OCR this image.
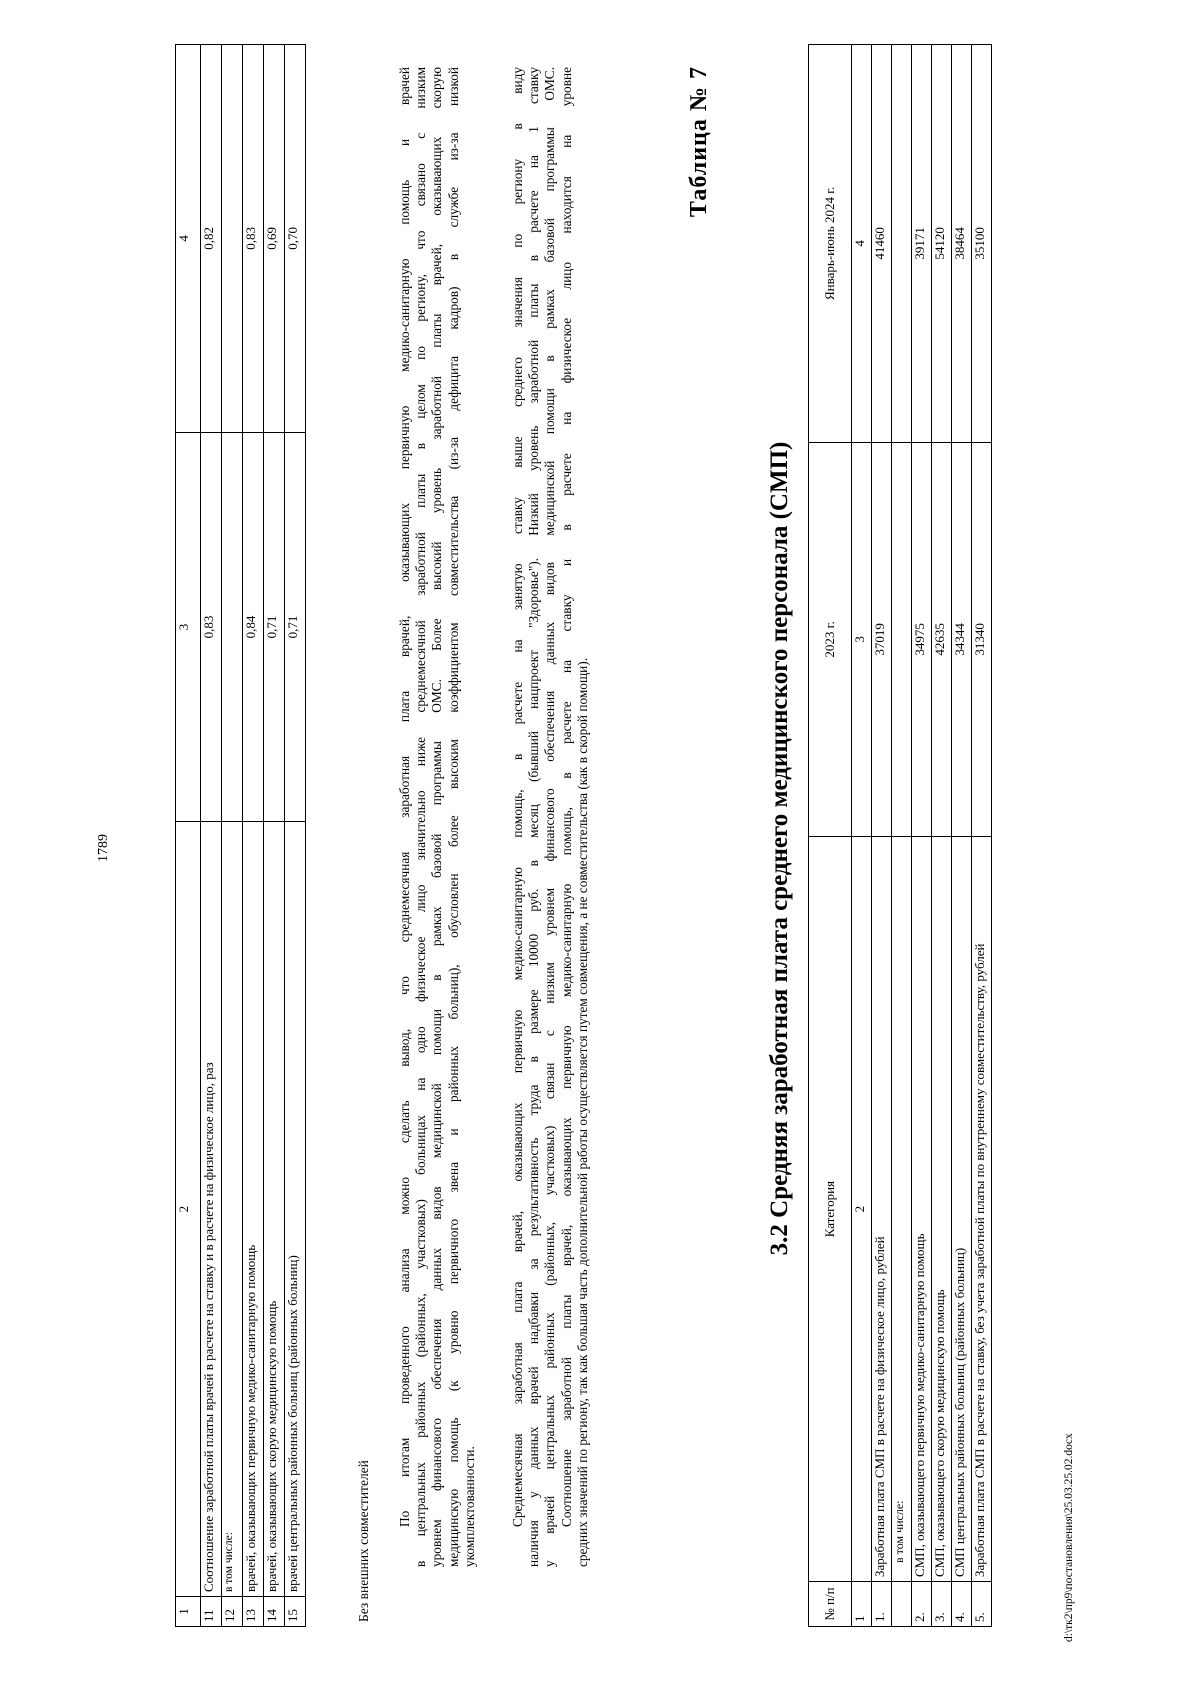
1789
1	2	3	4
11	Соотношение заработной платы врачей в расчете на ставку и в расчете на физическое лицо, раз	0,83	0,82
12	в том числе:		
13	врачей, оказывающих первичную медико-санитарную помощь	0,84	0,83
14	врачей, оказывающих скорую медицинскую помощь	0,71	0,69
15	врачей центральных районных больниц (районных больниц)	0,71	0,70
Без внешних совместителей
По итогам проведенного анализа можно сделать вывод, что среднемесячная заработная плата врачей, оказывающих первичную медико-санитарную помощь и врачей в центральных районных (районных, участковых) больницах на одно физическое лицо значительно ниже среднемесячной заработной платы в целом по региону, что связано с низким уровнем финансового обеспечения данных видов медицинской помощи в рамках базовой программы ОМС. Более высокий уровень заработной платы врачей, оказывающих скорую медицинскую помощь (к уровню первичного звена и районных больниц), обусловлен более высоким коэффициентом совместительства (из-за дефицита кадров) в службе из-за низкой укомплектованности. Среднемесячная заработная плата врачей, оказывающих первичную медико-санитарную помощь, в расчете на занятую ставку выше среднего значения по региону в виду наличия у данных врачей надбавки за результативность труда в размере 10000 руб. в месяц (бывший нацпроект "Здоровье"). Низкий уровень заработной платы в расчете на 1 ставку у врачей центральных районных (районных, участковых) связан с низким уровнем финансового обеспечения данных видов медицинской помощи в рамках базовой программы ОМС. Соотношение заработной платы врачей, оказывающих первичную медико-санитарную помощь, в расчете на ставку и в расчете на физическое лицо находится на уровне средних значений по региону, так как большая часть дополнительной работы осуществляется путем совмещения, а не совместительства (как в скорой помощи).
Таблица № 7
3.2 Средняя заработная плата среднего медицинского персонала (СМП)
№ п/п	Категория	2023 г.	Январь-июнь 2024 г.
1	2	3	4
1.	Заработная плата СМП в расчете на физическое лицо, рублей	37019	41460
	в том числе:		
2.	СМП, оказывающего первичную медико-санитарную помощь	34975	39171
3.	СМП, оказывающего скорую медицинскую помощь	42635	54120
4.	СМП центральных районных больниц (районных больниц)	34344	38464
5.	Заработная плата СМП в расчете на ставку, без учета заработной платы по внутреннему совместительству, рублей	31340	35100
d:\тк2\пр9\постановления\25.03.25.02.docx
